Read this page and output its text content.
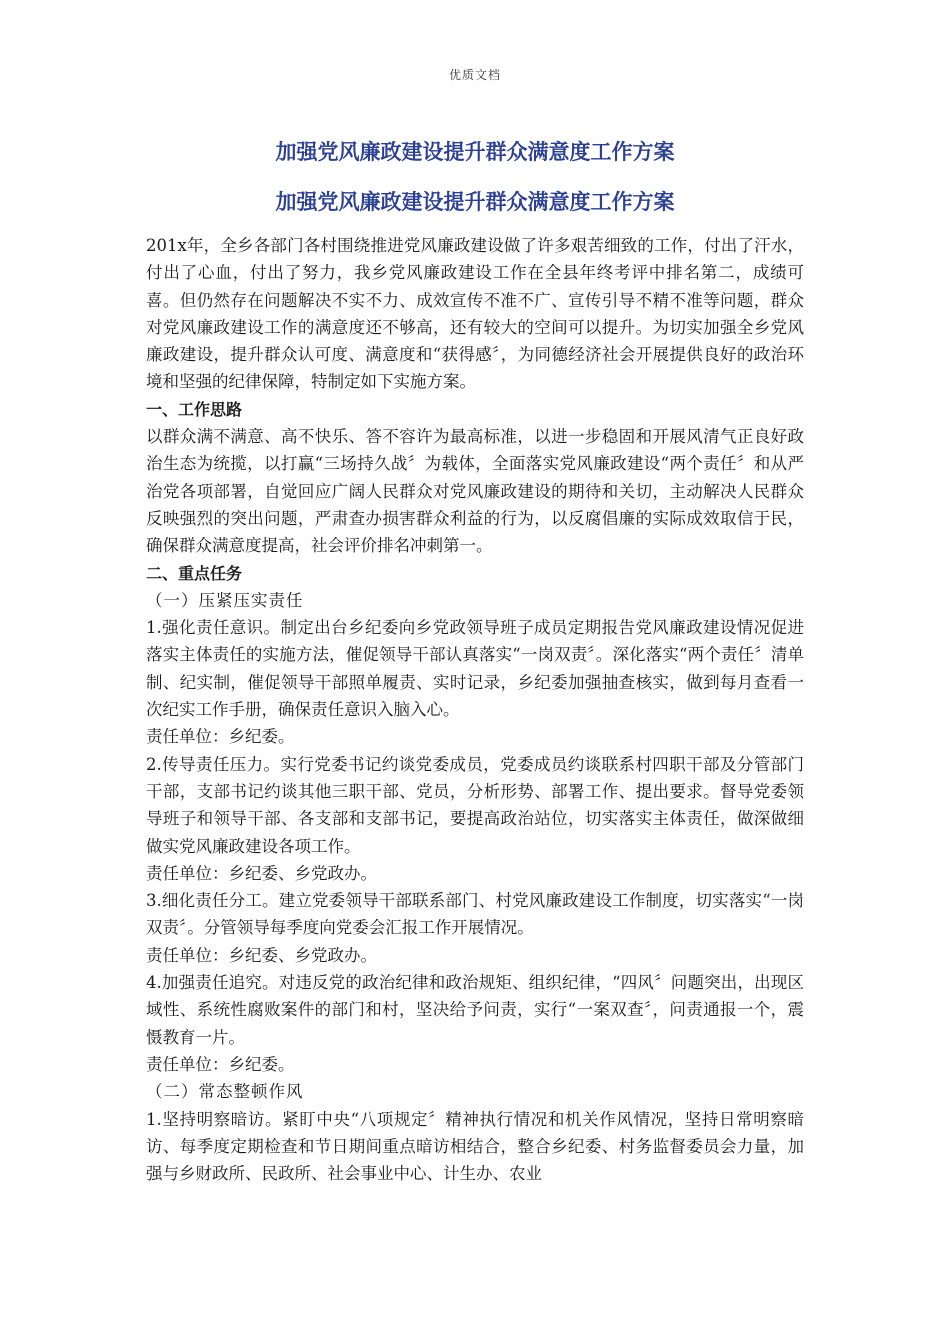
优质文档
加强党风廉政建设提升群众满意度工作方案
加强党风廉政建设提升群众满意度工作方案

201x年，全乡各部门各村围绕推进党风廉政建设做了许多艰苦细致的工作，付出了汗水，付出了心血，付出了努力，我乡党风廉政建设工作在全县年终考评中排名第二，成绩可喜。但仍然存在问题解决不实不力、成效宣传不准不广、宣传引导不精不准等问题，群众对党风廉政建设工作的满意度还不够高，还有较大的空间可以提升。为切实加强全乡党风廉政建设，提升群众认可度、满意度和“获得感〞，为同德经济社会开展提供良好的政治环境和坚强的纪律保障，特制定如下实施方案。

一、工作思路

以群众满不满意、高不快乐、答不容许为最高标准，以进一步稳固和开展风清气正良好政治生态为统揽，以打赢“三场持久战〞为载体，全面落实党风廉政建设“两个责任〞和从严治党各项部署，自觉回应广阔人民群众对党风廉政建设的期待和关切，主动解决人民群众反映强烈的突出问题，严肃查办损害群众利益的行为，以反腐倡廉的实际成效取信于民，确保群众满意度提高，社会评价排名冲刺第一。

二、重点任务

（一）压紧压实责任

1.强化责任意识。制定出台乡纪委向乡党政领导班子成员定期报告党风廉政建设情况促进落实主体责任的实施方法，催促领导干部认真落实“一岗双责〞。深化落实“两个责任〞清单制、纪实制，催促领导干部照单履责、实时记录，乡纪委加强抽查核实，做到每月查看一次纪实工作手册，确保责任意识入脑入心。

责任单位：乡纪委。

2.传导责任压力。实行党委书记约谈党委成员，党委成员约谈联系村四职干部及分管部门干部，支部书记约谈其他三职干部、党员，分析形势、部署工作、提出要求。督导党委领导班子和领导干部、各支部和支部书记，要提高政治站位，切实落实主体责任，做深做细做实党风廉政建设各项工作。

责任单位：乡纪委、乡党政办。

3.细化责任分工。建立党委领导干部联系部门、村党风廉政建设工作制度，切实落实“一岗双责〞。分管领导每季度向党委会汇报工作开展情况。

责任单位：乡纪委、乡党政办。

4.加强责任追究。对违反党的政治纪律和政治规矩、组织纪律，“四风〞问题突出，出现区域性、系统性腐败案件的部门和村，坚决给予问责，实行“一案双查〞，问责通报一个，震慑教育一片。

责任单位：乡纪委。

（二）常态整顿作风

1.坚持明察暗访。紧盯中央“八项规定〞精神执行情况和机关作风情况，坚持日常明察暗访、每季度定期检查和节日期间重点暗访相结合，整合乡纪委、村务监督委员会力量，加强与乡财政所、民政所、社会事业中心、计生办、农业
